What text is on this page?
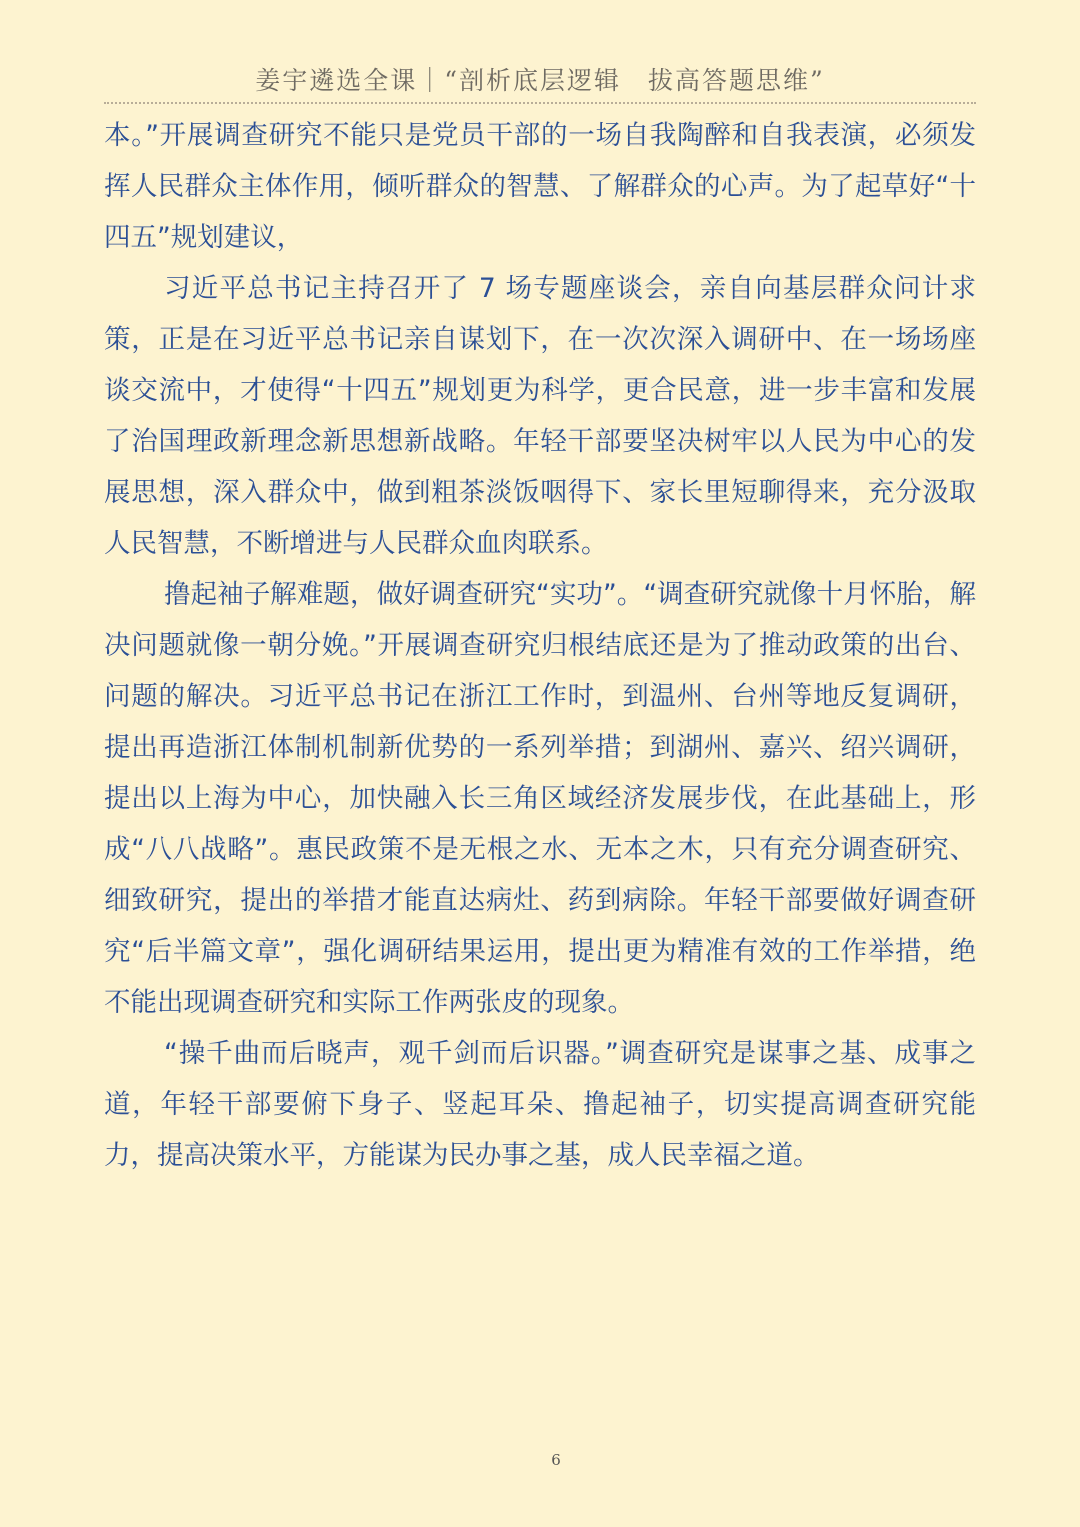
姜宇遴选全课｜“剖析底层逻辑　拔高答题思维”

本。”开展调查研究不能只是党员干部的一场自我陶醉和自我表演，必须发挥人民群众主体作用，倾听群众的智慧、了解群众的心声。为了起草好“十四五”规划建议，

习近平总书记主持召开了 7 场专题座谈会，亲自向基层群众问计求策，正是在习近平总书记亲自谋划下，在一次次深入调研中、在一场场座谈交流中，才使得“十四五”规划更为科学，更合民意，进一步丰富和发展了治国理政新理念新思想新战略。年轻干部要坚决树牢以人民为中心的发展思想，深入群众中，做到粗茶淡饭咽得下、家长里短聊得来，充分汲取人民智慧，不断增进与人民群众血肉联系。

撸起袖子解难题，做好调查研究“实功”。“调查研究就像十月怀胎，解决问题就像一朝分娩。”开展调查研究归根结底还是为了推动政策的出台、问题的解决。习近平总书记在浙江工作时，到温州、台州等地反复调研，提出再造浙江体制机制新优势的一系列举措；到湖州、嘉兴、绍兴调研，提出以上海为中心，加快融入长三角区域经济发展步伐，在此基础上，形成“八八战略”。惠民政策不是无根之水、无本之木，只有充分调查研究、细致研究，提出的举措才能直达病灶、药到病除。年轻干部要做好调查研究“后半篇文章”，强化调研结果运用，提出更为精准有效的工作举措，绝不能出现调查研究和实际工作两张皮的现象。

“操千曲而后晓声，观千剑而后识器。”调查研究是谋事之基、成事之道，年轻干部要俯下身子、竖起耳朵、撸起袖子，切实提高调查研究能力，提高决策水平，方能谋为民办事之基，成人民幸福之道。

6
